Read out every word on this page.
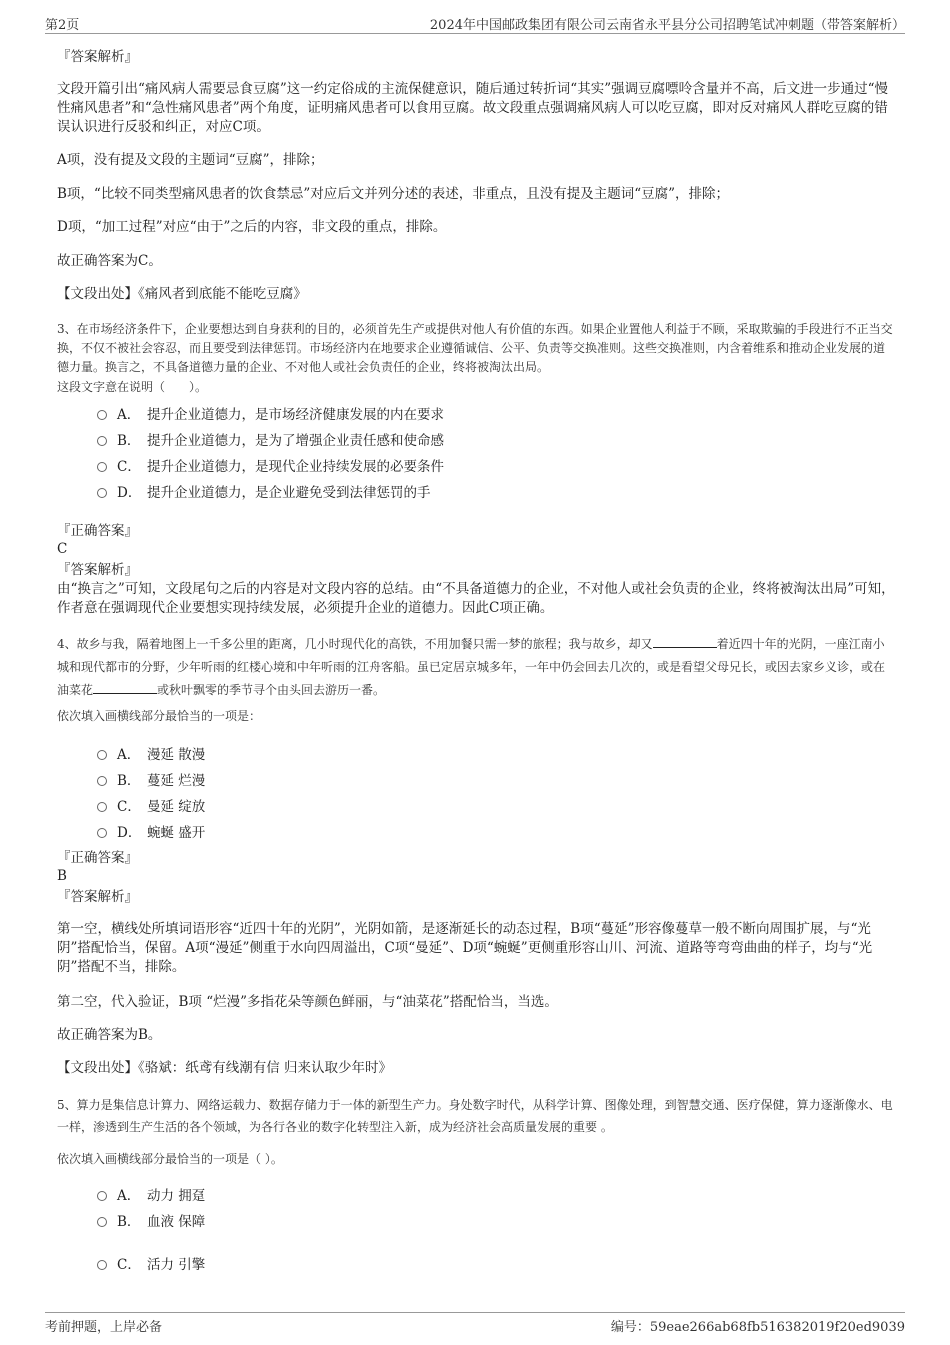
第2页	2024年中国邮政集团有限公司云南省永平县分公司招聘笔试冲刺题（带答案解析）
『答案解析』
文段开篇引出“痛风病人需要忌食豆腐”这一约定俗成的主流保健意识，随后通过转折词“其实”强调豆腐嘌呤含量并不高，后文进一步通过“慢性痛风患者”和“急性痛风患者”两个角度，证明痛风患者可以食用豆腐。故文段重点强调痛风病人可以吃豆腐，即对反对痛风人群吃豆腐的错误认识进行反驳和纠正，对应C项。
A项，没有提及文段的主题词“豆腐”，排除；
B项，“比较不同类型痛风患者的饮食禁忌”对应后文并列分述的表述，非重点，且没有提及主题词“豆腐”，排除；
D项，“加工过程”对应“由于”之后的内容，非文段的重点，排除。
故正确答案为C。
【文段出处】《痛风者到底能不能吃豆腐》
3、在市场经济条件下，企业要想达到自身获利的目的，必须首先生产或提供对他人有价值的东西。如果企业置他人利益于不顾，采取欺骗的手段进行不正当交换，不仅不被社会容忍，而且要受到法律惩罚。市场经济内在地要求企业遵循诚信、公平、负责等交换准则。这些交换准则，内含着维系和推动企业发展的道德力量。换言之，不具备道德力量的企业、不对他人或社会负责任的企业，终将被淘汰出局。
这段文字意在说明（　　）。
A． 提升企业道德力，是市场经济健康发展的内在要求
B． 提升企业道德力，是为了增强企业责任感和使命感
C． 提升企业道德力，是现代企业持续发展的必要条件
D． 提升企业道德力，是企业避免受到法律惩罚的手
『正确答案』
C
『答案解析』
由“换言之”可知，文段尾句之后的内容是对文段内容的总结。由“不具备道德力的企业，不对他人或社会负责的企业，终将被淘汰出局”可知，作者意在强调现代企业要想实现持续发展，必须提升企业的道德力。因此C项正确。
4、故乡与我，隔着地图上一千多公里的距离，几小时现代化的高铁，不用加餐只需一梦的旅程；我与故乡，却又	着近四十年的光阴，一座江南小城和现代都市的分野，少年听雨的红楼心境和中年听雨的江舟客船。虽已定居京城多年，一年中仍会回去几次的，或是看望父母兄长，或因去家乡义诊，或在油菜花	或秋叶飘零的季节寻个由头回去游历一番。
依次填入画横线部分最恰当的一项是：
A． 漫延 散漫
B． 蔓延 烂漫
C． 曼延 绽放
D． 蜿蜒 盛开
『正确答案』
B
『答案解析』
第一空，横线处所填词语形容“近四十年的光阴”，光阴如箭，是逐渐延长的动态过程，B项“蔓延”形容像蔓草一般不断向周围扩展，与“光阴”搭配恰当，保留。A项“漫延”侧重于水向四周溢出，C项“曼延”、D项“蜿蜒”更侧重形容山川、河流、道路等弯弯曲曲的样子，均与“光阴”搭配不当，排除。
第二空，代入验证，B项 “烂漫”多指花朵等颜色鲜丽，与“油菜花”搭配恰当，当选。
故正确答案为B。
【文段出处】《骆斌：纸鸢有线潮有信 归来认取少年时》
5、算力是集信息计算力、网络运载力、数据存储力于一体的新型生产力。身处数字时代，从科学计算、图像处理，到智慧交通、医疗保健，算力逐渐像水、电一样，渗透到生产生活的各个领域，为各行各业的数字化转型注入新，成为经济社会高质量发展的重要 。
依次填入画横线部分最恰当的一项是（ ）。
A． 动力 拥趸
B． 血液 保障
C． 活力 引擎
考前押题，上岸必备	编号：59eae266ab68fb516382019f20ed9039
